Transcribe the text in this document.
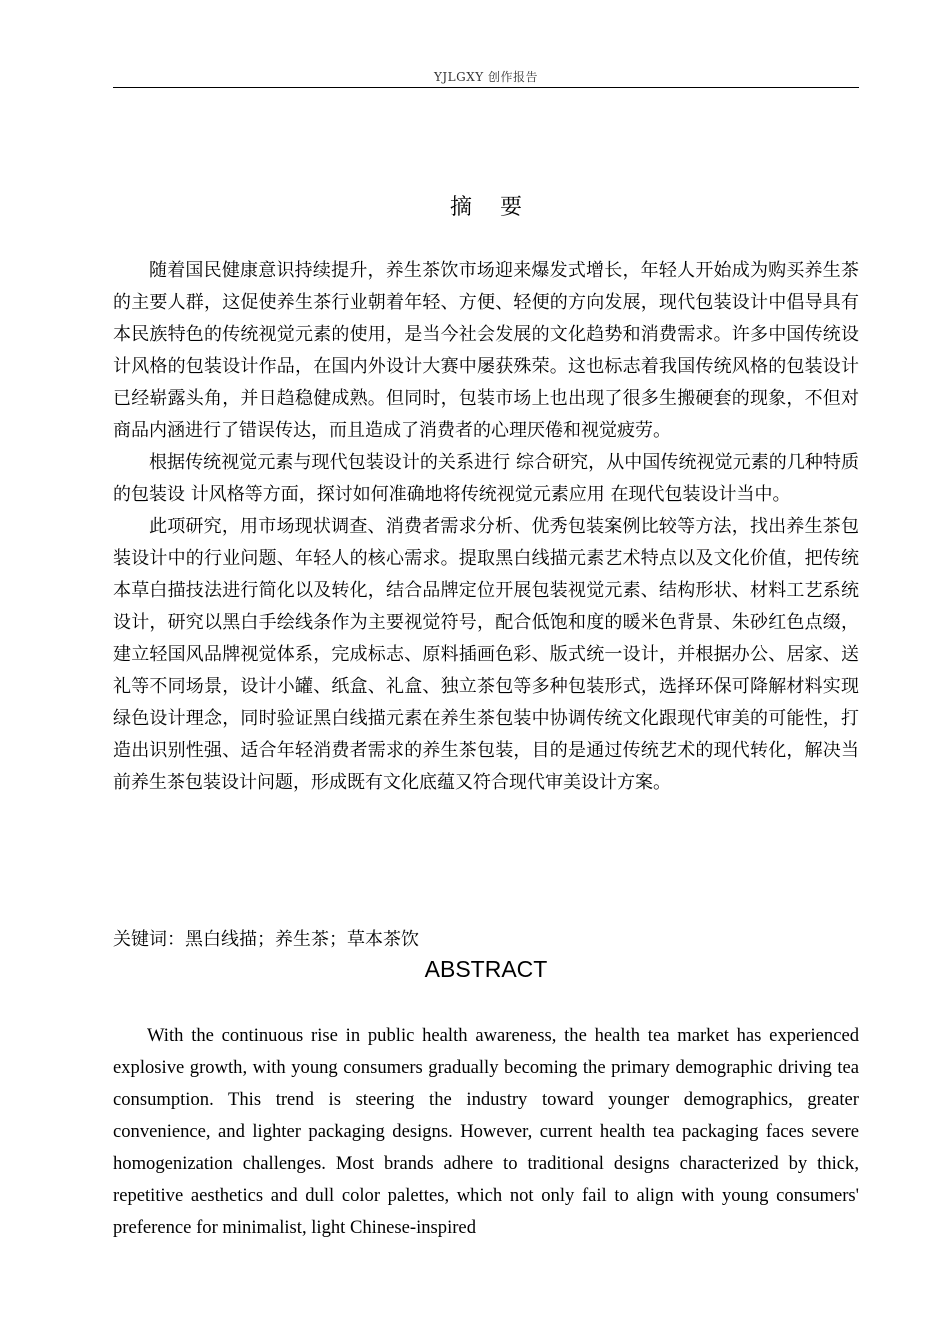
YJLGXY 创作报告
摘要

随着国民健康意识持续提升，养生茶饮市场迎来爆发式增长，年轻人开始成为购买养生茶的主要人群，这促使养生茶行业朝着年轻、方便、轻便的方向发展，现代包装设计中倡导具有本民族特色的传统视觉元素的使用，是当今社会发展的文化趋势和消费需求。许多中国传统设计风格的包装设计作品，在国内外设计大赛中屡获殊荣。这也标志着我国传统风格的包装设计已经崭露头角，并日趋稳健成熟。但同时，包装市场上也出现了很多生搬硬套的现象，不但对商品内涵进行了错误传达，而且造成了消费者的心理厌倦和视觉疲劳。

根据传统视觉元素与现代包装设计的关系进行 综合研究，从中国传统视觉元素的几种特质的包装设 计风格等方面，探讨如何准确地将传统视觉元素应用 在现代包装设计当中。

此项研究，用市场现状调查、消费者需求分析、优秀包装案例比较等方法，找出养生茶包装设计中的行业问题、年轻人的核心需求。提取黑白线描元素艺术特点以及文化价值，把传统本草白描技法进行简化以及转化，结合品牌定位开展包装视觉元素、结构形状、材料工艺系统设计，研究以黑白手绘线条作为主要视觉符号，配合低饱和度的暖米色背景、朱砂红色点缀，建立轻国风品牌视觉体系，完成标志、原料插画色彩、版式统一设计，并根据办公、居家、送礼等不同场景，设计小罐、纸盒、礼盒、独立茶包等多种包装形式，选择环保可降解材料实现绿色设计理念，同时验证黑白线描元素在养生茶包装中协调传统文化跟现代审美的可能性，打造出识别性强、适合年轻消费者需求的养生茶包装，目的是通过传统艺术的现代转化，解决当前养生茶包装设计问题，形成既有文化底蕴又符合现代审美设计方案。

关键词：黑白线描；养生茶；草本茶饮
ABSTRACT

With the continuous rise in public health awareness, the health tea market has experienced explosive growth, with young consumers gradually becoming the primary demographic driving tea consumption. This trend is steering the industry toward younger demographics, greater convenience, and lighter packaging designs. However, current health tea packaging faces severe homogenization challenges. Most brands adhere to traditional designs characterized by thick, repetitive aesthetics and dull color palettes, which not only fail to align with young consumers' preference for minimalist, light Chinese-inspired
